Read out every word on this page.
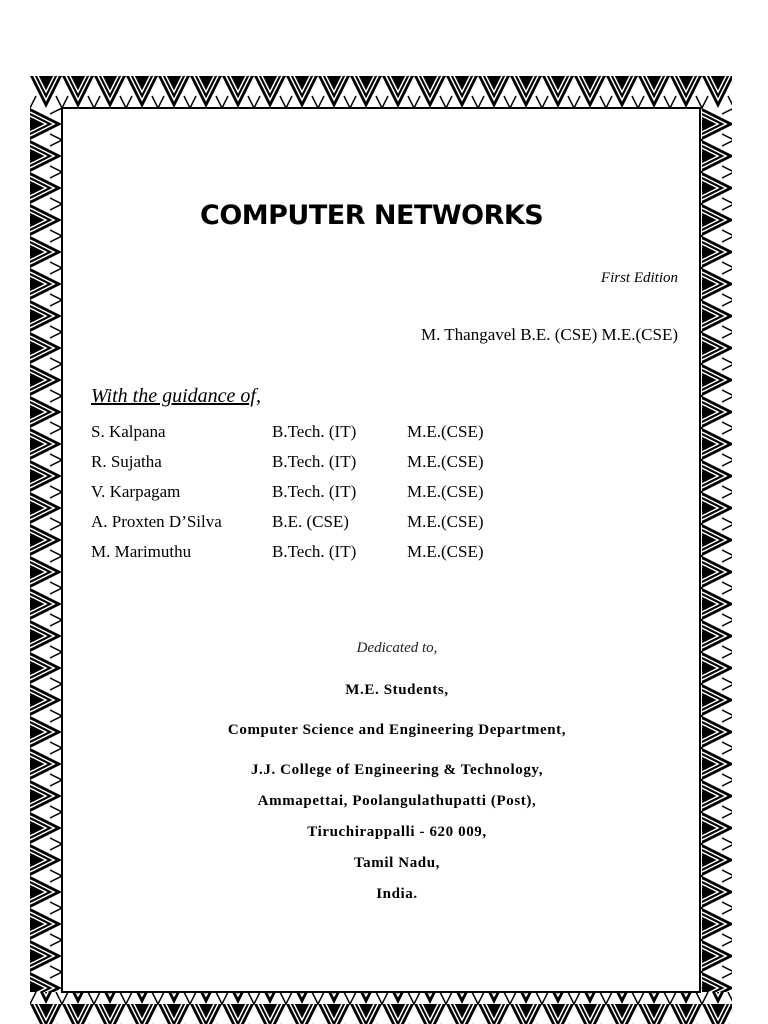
COMPUTER NETWORKS
First Edition
M. Thangavel B.E. (CSE) M.E.(CSE)
With the guidance of,
S. Kalpana	B.Tech. (IT)	M.E.(CSE)
R. Sujatha	B.Tech. (IT)	M.E.(CSE)
V. Karpagam	B.Tech. (IT)	M.E.(CSE)
A. Proxten D’Silva	B.E. (CSE)	M.E.(CSE)
M. Marimuthu	B.Tech. (IT)	M.E.(CSE)

Dedicated to,

M.E. Students,

Computer Science and Engineering Department,

J.J. College of Engineering & Technology,

Ammapettai, Poolangulathupatti (Post),

Tiruchirappalli - 620 009,

Tamil Nadu,

India.
